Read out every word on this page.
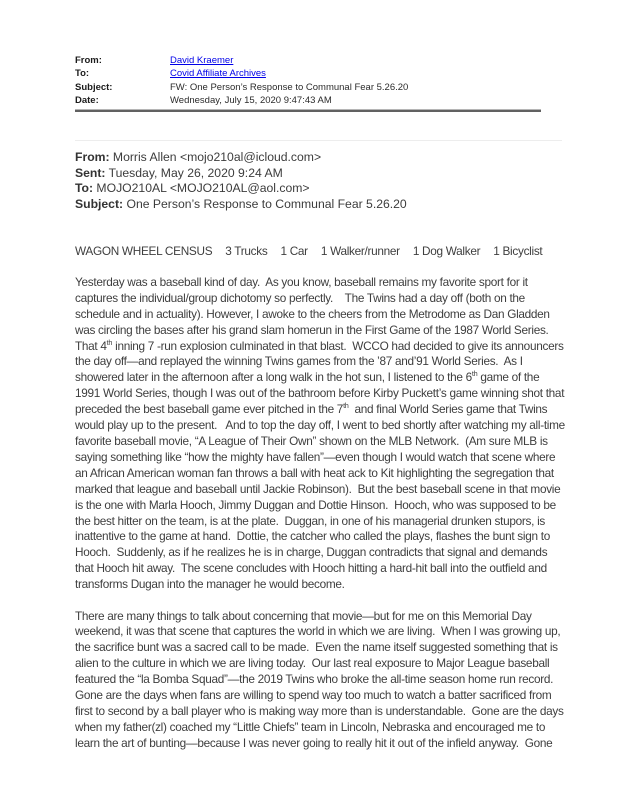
From:	David Kraemer
To:	Covid Affiliate Archives
Subject:	FW: One Person’s Response to Communal Fear 5.26.20
Date:	Wednesday, July 15, 2020 9:47:43 AM
From: Morris Allen <mojo210al@icloud.com>
Sent: Tuesday, May 26, 2020 9:24 AM
To: MOJO210AL <MOJO210AL@aol.com>
Subject: One Person’s Response to Communal Fear 5.26.20
WAGON WHEEL CENSUS 3 Trucks 1 Car 1 Walker/runner 1 Dog Walker 1 Bicyclist

Yesterday was a baseball kind of day.  As you know, baseball remains my favorite sport for it captures the individual/group dichotomy so perfectly.    The Twins had a day off (both on the schedule and in actuality). However, I awoke to the cheers from the Metrodome as Dan Gladden was circling the bases after his grand slam homerun in the First Game of the 1987 World Series.  That 4th inning 7 -run explosion culminated in that blast.  WCCO had decided to give its announcers the day off—and replayed the winning Twins games from the ’87 and’91 World Series.  As I showered later in the afternoon after a long walk in the hot sun, I listened to the 6th game of the 1991 World Series, though I was out of the bathroom before Kirby Puckett’s game winning shot that preceded the best baseball game ever pitched in the 7th  and final World Series game that Twins would play up to the present.   And to top the day off, I went to bed shortly after watching my all-time favorite baseball movie, “A League of Their Own” shown on the MLB Network.  (Am sure MLB is saying something like “how the mighty have fallen”—even though I would watch that scene where an African American woman fan throws a ball with heat ack to Kit highlighting the segregation that marked that league and baseball until Jackie Robinson).  But the best baseball scene in that movie is the one with Marla Hooch, Jimmy Duggan and Dottie Hinson.  Hooch, who was supposed to be the best hitter on the team, is at the plate.  Duggan, in one of his managerial drunken stupors, is inattentive to the game at hand.  Dottie, the catcher who called the plays, flashes the bunt sign to Hooch.  Suddenly, as if he realizes he is in charge, Duggan contradicts that signal and demands that Hooch hit away.  The scene concludes with Hooch hitting a hard-hit ball into the outfield and transforms Dugan into the manager he would become.

There are many things to talk about concerning that movie—but for me on this Memorial Day weekend, it was that scene that captures the world in which we are living.  When I was growing up, the sacrifice bunt was a sacred call to be made.  Even the name itself suggested something that is alien to the culture in which we are living today.  Our last real exposure to Major League baseball featured the “la Bomba Squad”—the 2019 Twins who broke the all-time season home run record.  Gone are the days when fans are willing to spend way too much to watch a batter sacrificed from first to second by a ball player who is making way more than is understandable.  Gone are the days when my father(zl) coached my “Little Chiefs” team in Lincoln, Nebraska and encouraged me to learn the art of bunting—because I was never going to really hit it out of the infield anyway.  Gone
